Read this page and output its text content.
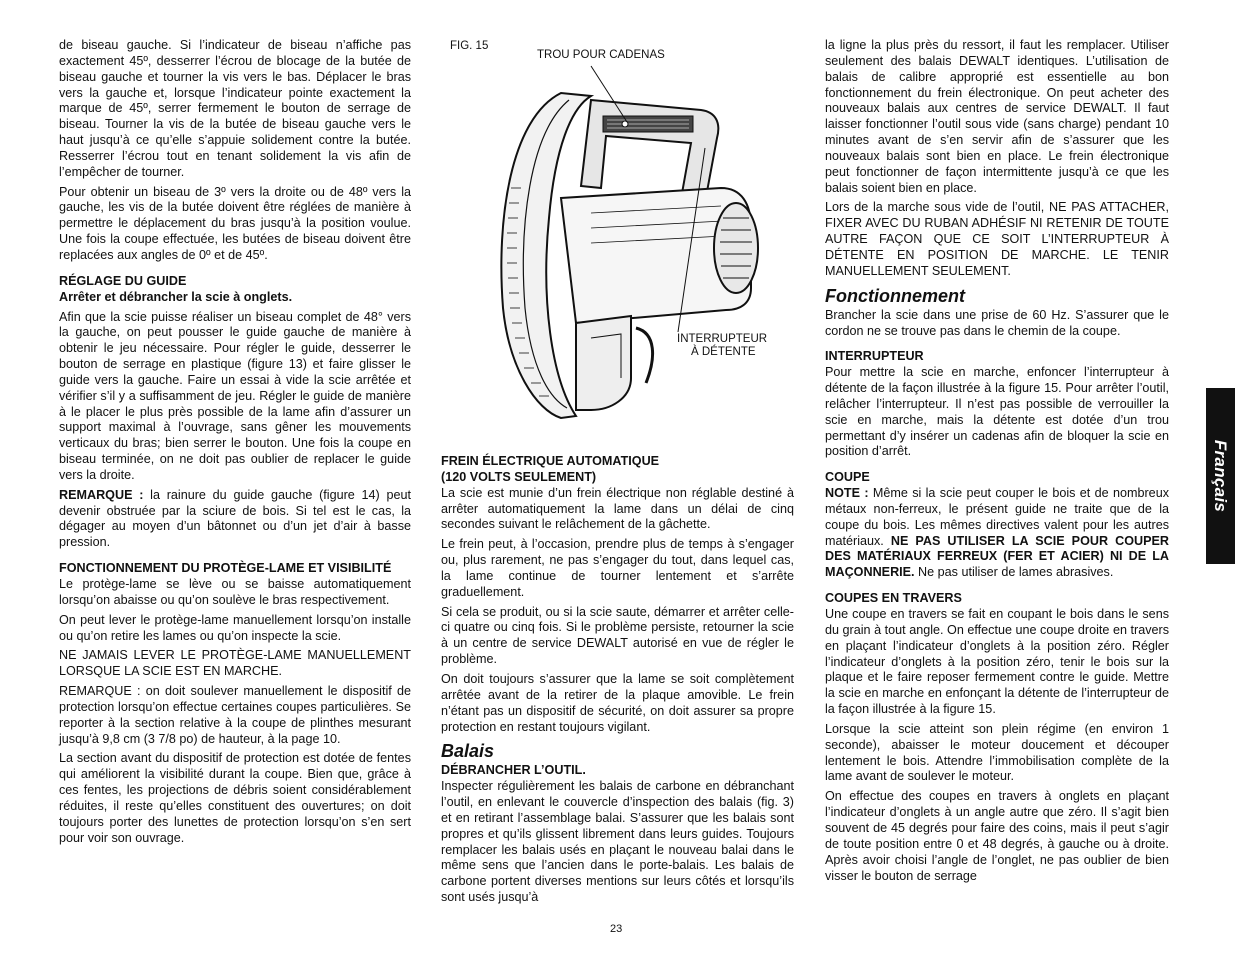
de biseau gauche. Si l’indicateur de biseau n’affiche pas exactement 45º, desserrer l’écrou de blocage de la butée de biseau gauche et tourner la vis vers le bas. Déplacer le bras vers la gauche et, lorsque l’indicateur pointe exactement la marque de 45º, serrer fermement le bouton de serrage de biseau. Tourner la vis de la butée de biseau gauche vers le haut jusqu’à ce qu’elle s’appuie solidement contre la butée. Resserrer l’écrou tout en tenant solidement la vis afin de l’empêcher de tourner.

Pour obtenir un biseau de 3º vers la droite ou de 48º vers la gauche, les vis de la butée doivent être réglées de manière à permettre le déplacement du bras jusqu’à la position voulue. Une fois la coupe effectuée, les butées de biseau doivent être replacées aux angles de 0º et de 45º.

RÉGLAGE DU GUIDE

Arrêter et débrancher la scie à onglets.

Afin que la scie puisse réaliser un biseau complet de 48° vers la gauche, on peut pousser le guide gauche de manière à obtenir le jeu nécessaire. Pour régler le guide, desserrer le bouton de serrage en plastique (figure 13) et faire glisser le guide vers la gauche. Faire un essai à vide la scie arrêtée et vérifier s’il y a suffisamment de jeu. Régler le guide de manière à le placer le plus près possible de la lame afin d’assurer un support maximal à l’ouvrage, sans gêner les mouvements verticaux du bras; bien serrer le bouton. Une fois la coupe en biseau terminée, on ne doit pas oublier de replacer le guide vers la droite.

REMARQUE : la rainure du guide gauche (figure 14) peut devenir obstruée par la sciure de bois. Si tel est le cas, la dégager au moyen d’un bâtonnet ou d’un jet d’air à basse pression.

FONCTIONNEMENT DU PROTÈGE-LAME ET VISIBILITÉ

Le protège-lame se lève ou se baisse automatiquement lorsqu’on abaisse ou qu’on soulève le bras respectivement.

On peut lever le protège-lame manuellement lorsqu’on installe ou qu’on retire les lames ou qu’on inspecte la scie.

NE JAMAIS LEVER LE PROTÈGE-LAME MANUELLEMENT LORSQUE LA SCIE EST EN MARCHE.

REMARQUE : on doit soulever manuellement le dispositif de protection lorsqu’on effectue certaines coupes particulières. Se reporter à la section relative à la coupe de plinthes mesurant jusqu’à 9,8 cm (3 7/8 po) de hauteur, à la page 10.

La section avant du dispositif de protection est dotée de fentes qui améliorent la visibilité durant la coupe. Bien que, grâce à ces fentes, les projections de débris soient considérablement réduites, il reste qu’elles constituent des ouvertures; on doit toujours porter des lunettes de protection lorsqu’on s’en sert pour voir son ouvrage.

FIG. 15
TROU POUR CADENAS
INTERRUPTEUR
À DÉTENTE
FREIN ÉLECTRIQUE AUTOMATIQUE
(120 VOLTS SEULEMENT)

La scie est munie d’un frein électrique non réglable destiné à arrêter automatiquement la lame dans un délai de cinq secondes suivant le relâchement de la gâchette.

Le frein peut, à l’occasion, prendre plus de temps à s’engager ou, plus rarement, ne pas s’engager du tout, dans lequel cas, la lame continue de tourner lentement et s’arrête graduellement.

Si cela se produit, ou si la scie saute, démarrer et arrêter celle-ci quatre ou cinq fois. Si le problème persiste, retourner la scie à un centre de service DEWALT autorisé en vue de régler le problème.

On doit toujours s’assurer que la lame se soit complètement arrêtée avant de la retirer de la plaque amovible. Le frein n’étant pas un dispositif de sécurité, on doit assurer sa propre protection en restant toujours vigilant.

Balais
DÉBRANCHER L’OUTIL.

Inspecter régulièrement les balais de carbone en débranchant l’outil, en enlevant le couvercle d’inspection des balais (fig. 3) et en retirant l’assemblage balai. S’assurer que les balais sont propres et qu’ils glissent librement dans leurs guides. Toujours remplacer les balais usés en plaçant le nouveau balai dans le même sens que l’ancien dans le porte-balais. Les balais de carbone portent diverses mentions sur leurs côtés et lorsqu’ils sont usés jusqu’à

la ligne la plus près du ressort, il faut les remplacer. Utiliser seulement des balais DEWALT identiques. L’utilisation de balais de calibre approprié est essentielle au bon fonctionnement du frein électronique. On peut acheter des nouveaux balais aux centres de service DEWALT. Il faut laisser fonctionner l’outil sous vide (sans charge) pendant 10 minutes avant de s’en servir afin de s’assurer que les nouveaux balais sont bien en place. Le frein électronique peut fonctionner de façon intermittente jusqu’à ce que les balais soient bien en place.

Lors de la marche sous vide de l’outil, NE PAS ATTACHER, FIXER AVEC DU RUBAN ADHÉSIF NI RETENIR DE TOUTE AUTRE FAÇON QUE CE SOIT L’INTERRUPTEUR À DÉTENTE EN POSITION DE MARCHE. LE TENIR MANUELLEMENT SEULEMENT.

Fonctionnement

Brancher la scie dans une prise de 60 Hz. S’assurer que le cordon ne se trouve pas dans le chemin de la coupe.

INTERRUPTEUR

Pour mettre la scie en marche, enfoncer l’interrupteur à détente de la façon illustrée à la figure 15. Pour arrêter l’outil, relâcher l’interrupteur. Il n’est pas possible de verrouiller la scie en marche, mais la détente est dotée d’un trou permettant d’y insérer un cadenas afin de bloquer la scie en position d’arrêt.

COUPE

NOTE : Même si la scie peut couper le bois et de nombreux métaux non-ferreux, le présent guide ne traite que de la coupe du bois. Les mêmes directives valent pour les autres matériaux. NE PAS UTILISER LA SCIE POUR COUPER DES MATÉRIAUX FERREUX (FER ET ACIER) NI DE LA MAÇONNERIE. Ne pas utiliser de lames abrasives.

COUPES EN TRAVERS

Une coupe en travers se fait en coupant le bois dans le sens du grain à tout angle. On effectue une coupe droite en travers en plaçant l’indicateur d’onglets à la position zéro. Régler l’indicateur d’onglets à la position zéro, tenir le bois sur la plaque et le faire reposer fermement contre le guide. Mettre la scie en marche en enfonçant la détente de l’interrupteur de la façon illustrée à la figure 15.

Lorsque la scie atteint son plein régime (en environ 1 seconde), abaisser le moteur doucement et découper lentement le bois. Attendre l’immobilisation complète de la lame avant de soulever le moteur.

On effectue des coupes en travers à onglets en plaçant l’indicateur d’onglets à un angle autre que zéro. Il s’agit bien souvent de 45 degrés pour faire des coins, mais il peut s’agir de toute position entre 0 et 48 degrés, à gauche ou à droite. Après avoir choisi l’angle de l’onglet, ne pas oublier de bien visser le bouton de serrage

Français
23
